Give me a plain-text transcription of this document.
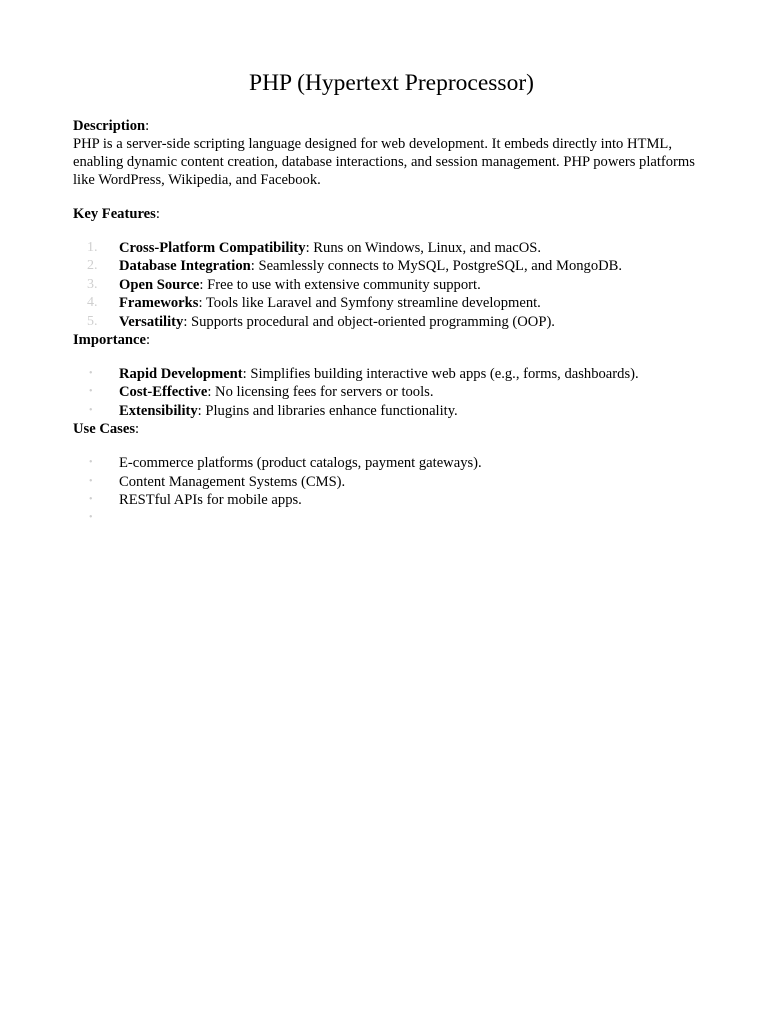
PHP (Hypertext Preprocessor)

Description:

PHP is a server-side scripting language designed for web development. It embeds directly into HTML, enabling dynamic content creation, database interactions, and session management. PHP powers platforms like WordPress, Wikipedia, and Facebook.

Key Features:

1. Cross-Platform Compatibility: Runs on Windows, Linux, and macOS.
2. Database Integration: Seamlessly connects to MySQL, PostgreSQL, and MongoDB.
3. Open Source: Free to use with extensive community support.
4. Frameworks: Tools like Laravel and Symfony streamline development.
5. Versatility: Supports procedural and object-oriented programming (OOP).

Importance:

• Rapid Development: Simplifies building interactive web apps (e.g., forms, dashboards).
• Cost-Effective: No licensing fees for servers or tools.
• Extensibility: Plugins and libraries enhance functionality.

Use Cases:

• E-commerce platforms (product catalogs, payment gateways).
• Content Management Systems (CMS).
• RESTful APIs for mobile apps.
•
